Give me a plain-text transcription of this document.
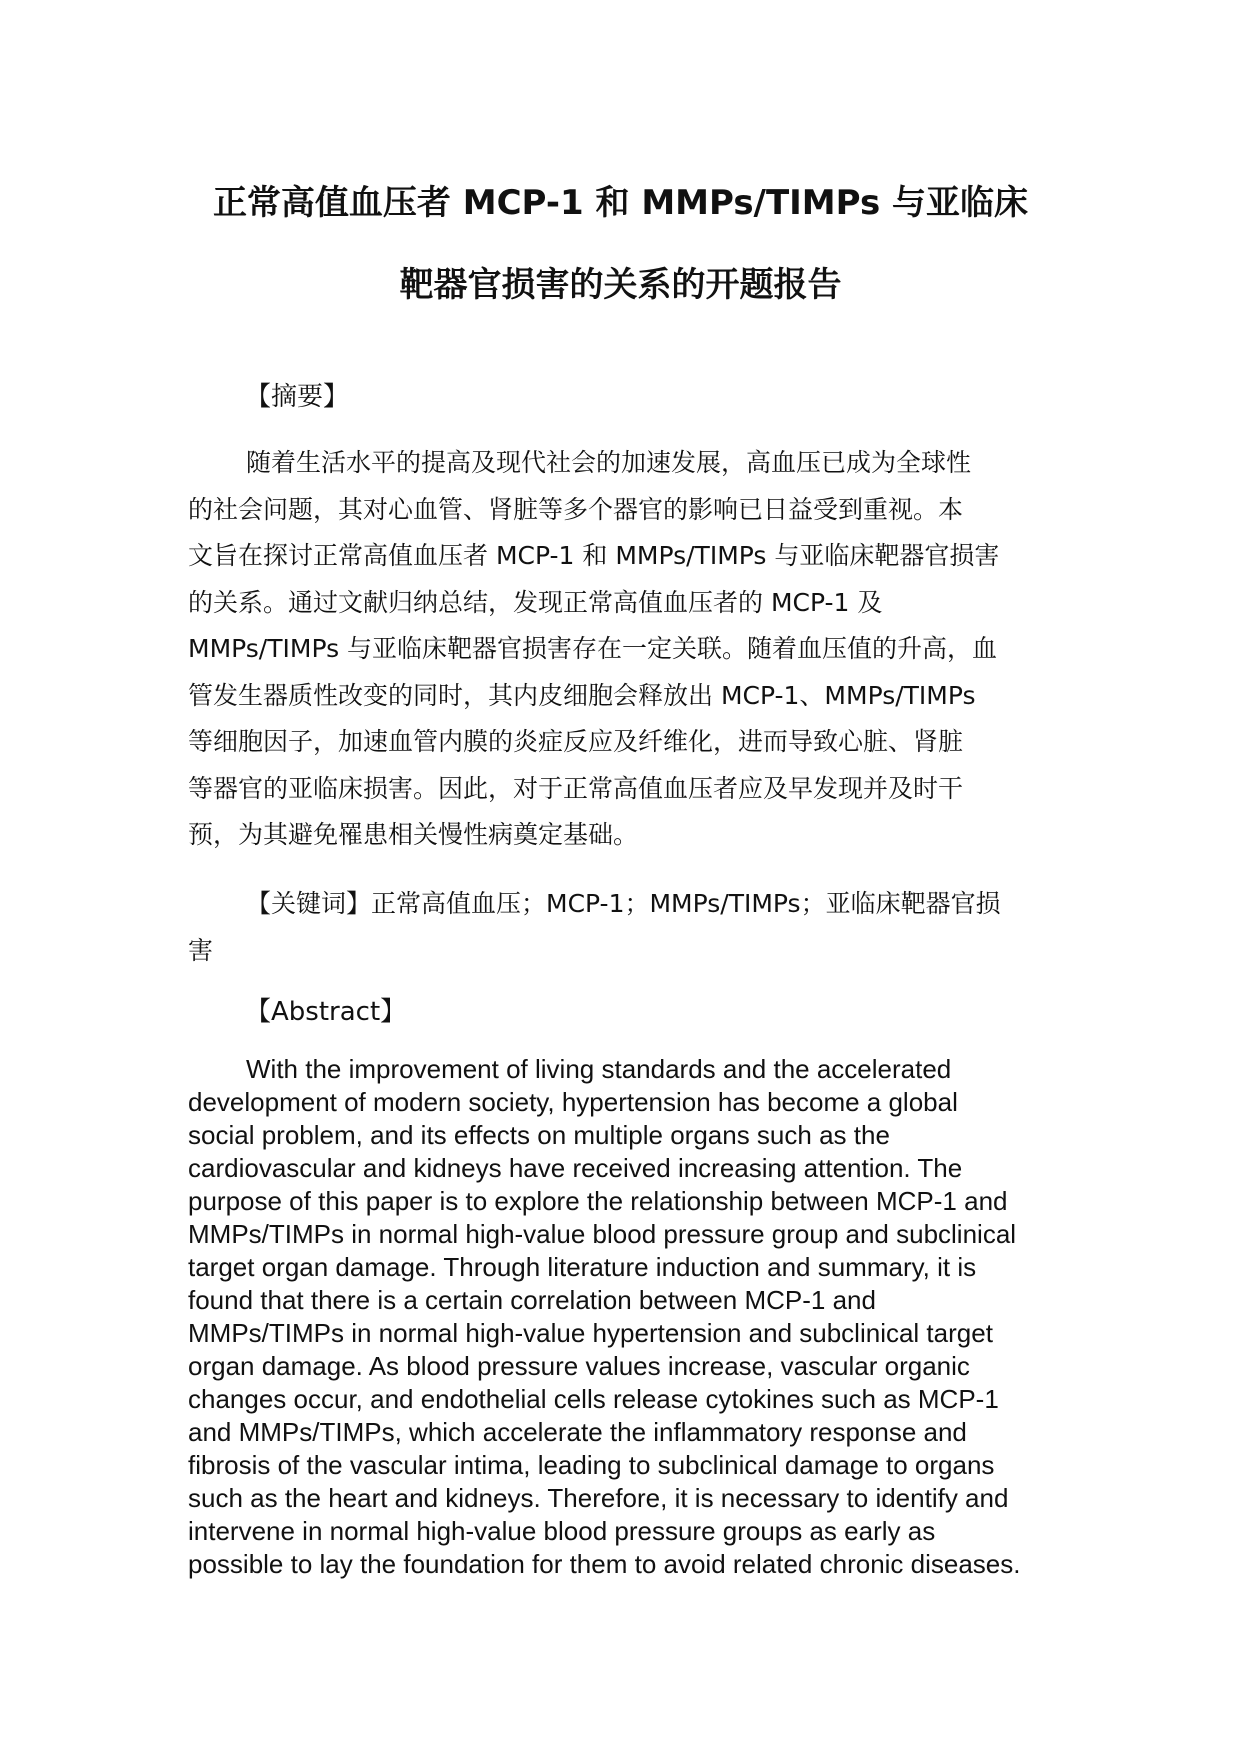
正常高值血压者 MCP-1 和 MMPs/TIMPs 与亚临床
靶器官损害的关系的开题报告
【摘要】
随着生活水平的提高及现代社会的加速发展，高血压已成为全球性
的社会问题，其对心血管、肾脏等多个器官的影响已日益受到重视。本
文旨在探讨正常高值血压者 MCP-1 和 MMPs/TIMPs 与亚临床靶器官损害
的关系。通过文献归纳总结，发现正常高值血压者的 MCP-1 及
MMPs/TIMPs 与亚临床靶器官损害存在一定关联。随着血压值的升高，血
管发生器质性改变的同时，其内皮细胞会释放出 MCP-1、MMPs/TIMPs
等细胞因子，加速血管内膜的炎症反应及纤维化，进而导致心脏、肾脏
等器官的亚临床损害。因此，对于正常高值血压者应及早发现并及时干
预，为其避免罹患相关慢性病奠定基础。
【关键词】正常高值血压；MCP-1；MMPs/TIMPs；亚临床靶器官损
害
【Abstract】
With the improvement of living standards and the accelerated
development of modern society, hypertension has become a global
social problem, and its effects on multiple organs such as the
cardiovascular and kidneys have received increasing attention. The
purpose of this paper is to explore the relationship between MCP-1 and
MMPs/TIMPs in normal high-value blood pressure group and subclinical
target organ damage. Through literature induction and summary, it is
found that there is a certain correlation between MCP-1 and
MMPs/TIMPs in normal high-value hypertension and subclinical target
organ damage. As blood pressure values increase, vascular organic
changes occur, and endothelial cells release cytokines such as MCP-1
and MMPs/TIMPs, which accelerate the inflammatory response and
fibrosis of the vascular intima, leading to subclinical damage to organs
such as the heart and kidneys. Therefore, it is necessary to identify and
intervene in normal high-value blood pressure groups as early as
possible to lay the foundation for them to avoid related chronic diseases.
